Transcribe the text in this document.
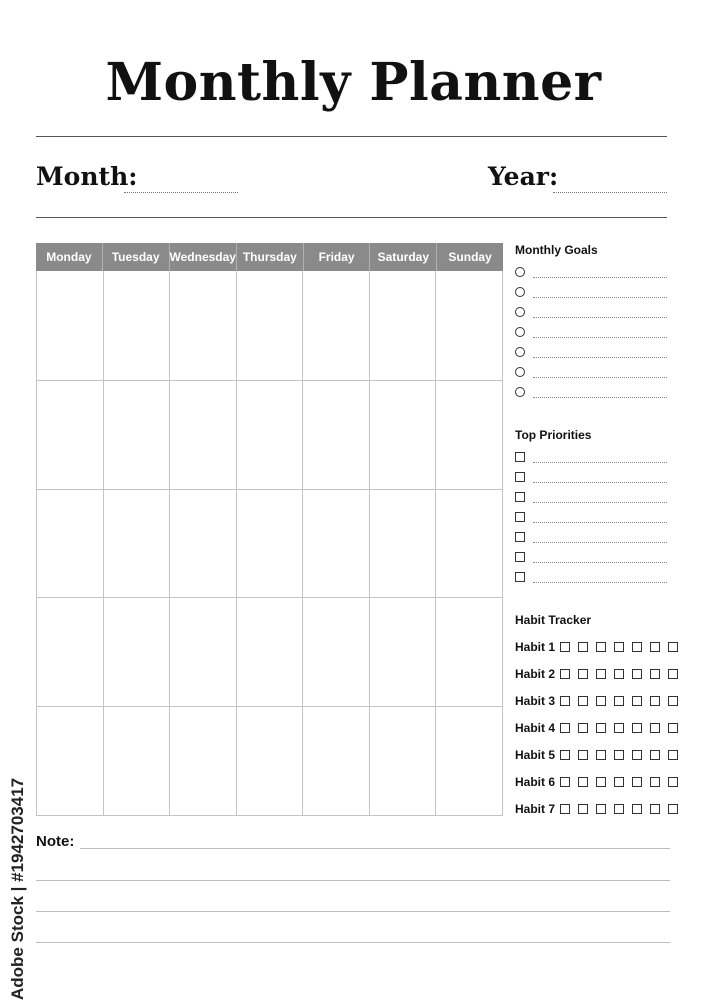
Monthly Planner
Month:	Year:
Monday	Tuesday Wednesday Thursday	Friday	Saturday	Sunday	Monthly Goals
Top Priorities
Habit Tracker
Habit 1
Habit 2
Habit 3
Habit 4
Habit 5
Habit 6
Habit 7
Note:
Adobe Stock | #194270341​7
